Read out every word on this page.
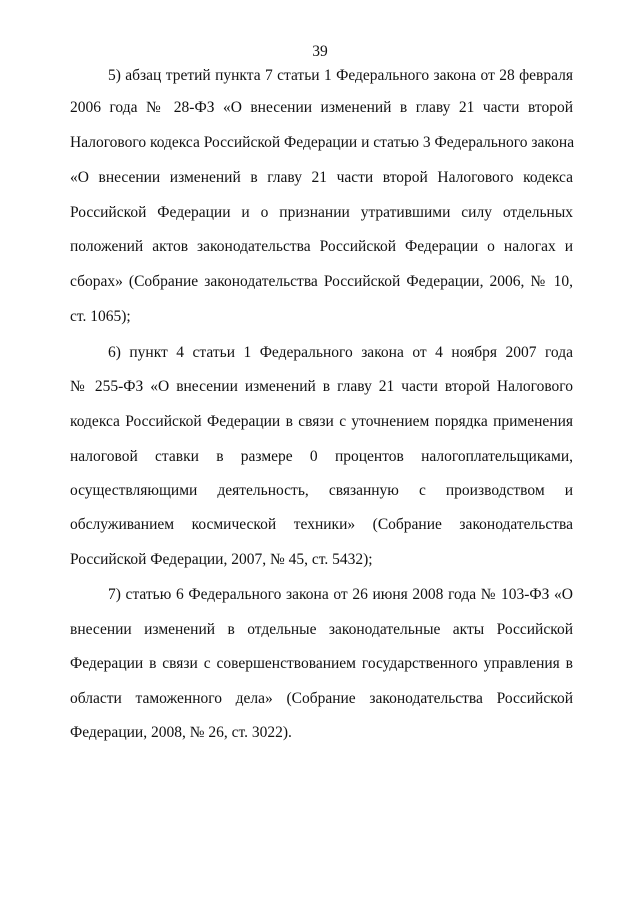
39
5) абзац третий пункта 7 статьи 1 Федерального закона от 28 февраля
2006 года № 28-ФЗ «О внесении изменений в главу 21 части второй
Налогового кодекса Российской Федерации и статью 3 Федерального закона
«О внесении изменений в главу 21 части второй Налогового кодекса
Российской Федерации и о признании утратившими силу отдельных
положений актов законодательства Российской Федерации о налогах и
сборах» (Собрание законодательства Российской Федерации, 2006, № 10,
ст. 1065);
6) пункт 4 статьи 1 Федерального закона от 4 ноября 2007 года
№ 255-ФЗ «О внесении изменений в главу 21 части второй Налогового
кодекса Российской Федерации в связи с уточнением порядка применения
налоговой ставки в размере 0 процентов налогоплательщиками,
осуществляющими деятельность, связанную с производством и
обслуживанием космической техники» (Собрание законодательства
Российской Федерации, 2007, № 45, ст. 5432);
7) статью 6 Федерального закона от 26 июня 2008 года № 103-ФЗ «О
внесении изменений в отдельные законодательные акты Российской
Федерации в связи с совершенствованием государственного управления в
области таможенного дела» (Собрание законодательства Российской
Федерации, 2008, № 26, ст. 3022).
